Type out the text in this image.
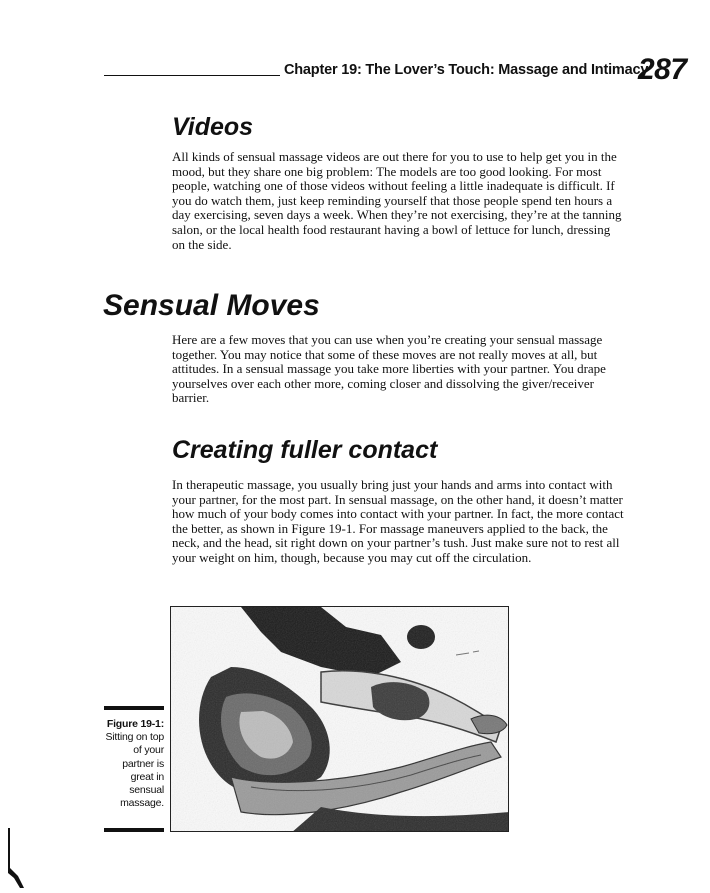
Chapter 19: The Lover’s Touch: Massage and Intimacy
287
Videos

All kinds of sensual massage videos are out there for you to use to help get you in the mood, but they share one big problem: The models are too good looking. For most people, watching one of those videos without feeling a little inadequate is difficult. If you do watch them, just keep reminding yourself that those people spend ten hours a day exercising, seven days a week. When they’re not exercising, they’re at the tanning salon, or the local health food restaurant having a bowl of lettuce for lunch, dressing on the side.

Sensual Moves

Here are a few moves that you can use when you’re creating your sensual massage together. You may notice that some of these moves are not really moves at all, but attitudes. In a sensual massage you take more liberties with your partner. You drape yourselves over each other more, coming closer and dissolving the giver/receiver barrier.

Creating fuller contact

In therapeutic massage, you usually bring just your hands and arms into contact with your partner, for the most part. In sensual massage, on the other hand, it doesn’t matter how much of your body comes into contact with your partner. In fact, the more contact the better, as shown in Figure 19-1. For massage maneuvers applied to the back, the neck, and the head, sit right down on your partner’s tush. Just make sure not to rest all your weight on him, though, because you may cut off the circulation.

Figure 19-1:
Sitting on top of your partner is great in sensual massage.
